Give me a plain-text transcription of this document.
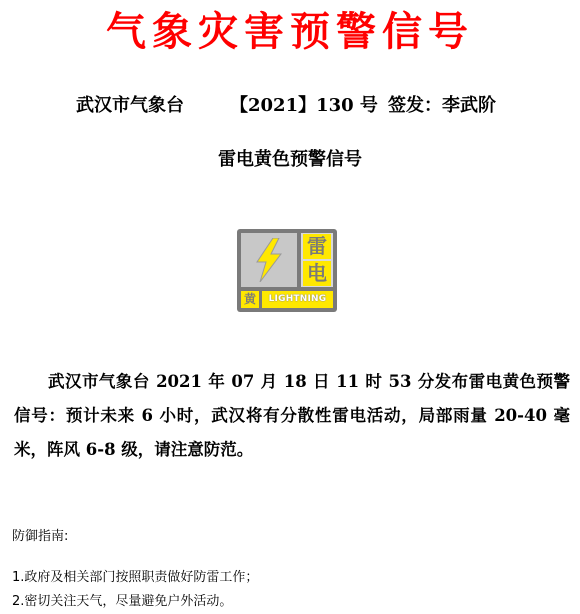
气象灾害预警信号
武汉市气象台	【2021】130 号 签发：李武阶
雷电黄色预警信号
雷
电
黄	LIGHTNING
武汉市气象台 2021 年 07 月 18 日 11 时 53 分发布雷电黄色预警信号：预计未来 6 小时，武汉将有分散性雷电活动，局部雨量 20-40 毫米，阵风 6-8 级，请注意防范。
防御指南:
1.政府及相关部门按照职责做好防雷工作；
2.密切关注天气，尽量避免户外活动。
